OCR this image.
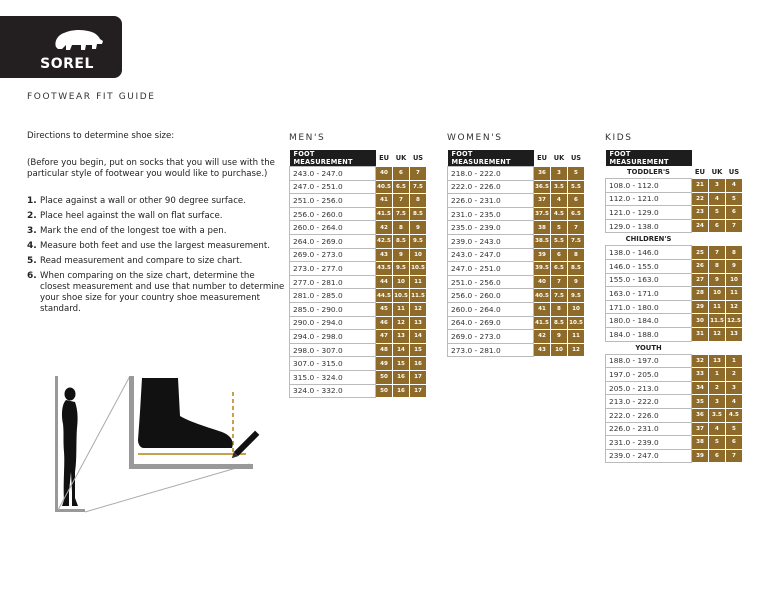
SOREL
FOOTWEAR FIT GUIDE

Directions to determine shoe size:

(Before you begin, put on socks that you will use with the particular style of footwear you would like to purchase.)

1. Place against a wall or other 90 degree surface.
2. Place heel against the wall on flat surface.
3. Mark the end of the longest toe with a pen.
4. Measure both feet and use the largest measurement.
5. Read measurement and compare to size chart.
6. When comparing on the size chart, determine the closest measurement and use that number to determine your shoe size for your country shoe measurement standard.
MEN'S	WOMEN'S	KIDS
FOOT MEASUREMENT	EU	UK	US
243.0 - 247.0	40	6	7
247.0 - 251.0	40.5	6.5	7.5
251.0 - 256.0	41	7	8
256.0 - 260.0	41.5	7.5	8.5
260.0 - 264.0	42	8	9
264.0 - 269.0	42.5	8.5	9.5
269.0 - 273.0	43	9	10
273.0 - 277.0	43.5	9.5	10.5
277.0 - 281.0	44	10	11
281.0 - 285.0	44.5	10.5	11.5
285.0 - 290.0	45	11	12
290.0 - 294.0	46	12	13
294.0 - 298.0	47	13	14
298.0 - 307.0	48	14	15
307.0 - 315.0	49	15	16
315.0 - 324.0	50	16	17
324.0 - 332.0	50	16	17
FOOT MEASUREMENT	EU	UK	US
218.0 - 222.0	36	3	5
222.0 - 226.0	36.5	3.5	5.5
226.0 - 231.0	37	4	6
231.0 - 235.0	37.5	4.5	6.5
235.0 - 239.0	38	5	7
239.0 - 243.0	38.5	5.5	7.5
243.0 - 247.0	39	6	8
247.0 - 251.0	39.5	6.5	8.5
251.0 - 256.0	40	7	9
256.0 - 260.0	40.5	7.5	9.5
260.0 - 264.0	41	8	10
264.0 - 269.0	41.5	8.5	10.5
269.0 - 273.0	42	9	11
273.0 - 281.0	43	10	12
FOOT MEASUREMENT			
TODDLER'S	EU	UK	US
108.0 - 112.0	21	3	4
112.0 - 121.0	22	4	5
121.0 - 129.0	23	5	6
129.0 - 138.0	24	6	7
CHILDREN'S			
138.0 - 146.0	25	7	8
146.0 - 155.0	26	8	9
155.0 - 163.0	27	9	10
163.0 - 171.0	28	10	11
171.0 - 180.0	29	11	12
180.0 - 184.0	30	11.5	12.5
184.0 - 188.0	31	12	13
YOUTH			
188.0 - 197.0	32	13	1
197.0 - 205.0	33	1	2
205.0 - 213.0	34	2	3
213.0 - 222.0	35	3	4
222.0 - 226.0	36	3.5	4.5
226.0 - 231.0	37	4	5
231.0 - 239.0	38	5	6
239.0 - 247.0	39	6	7
